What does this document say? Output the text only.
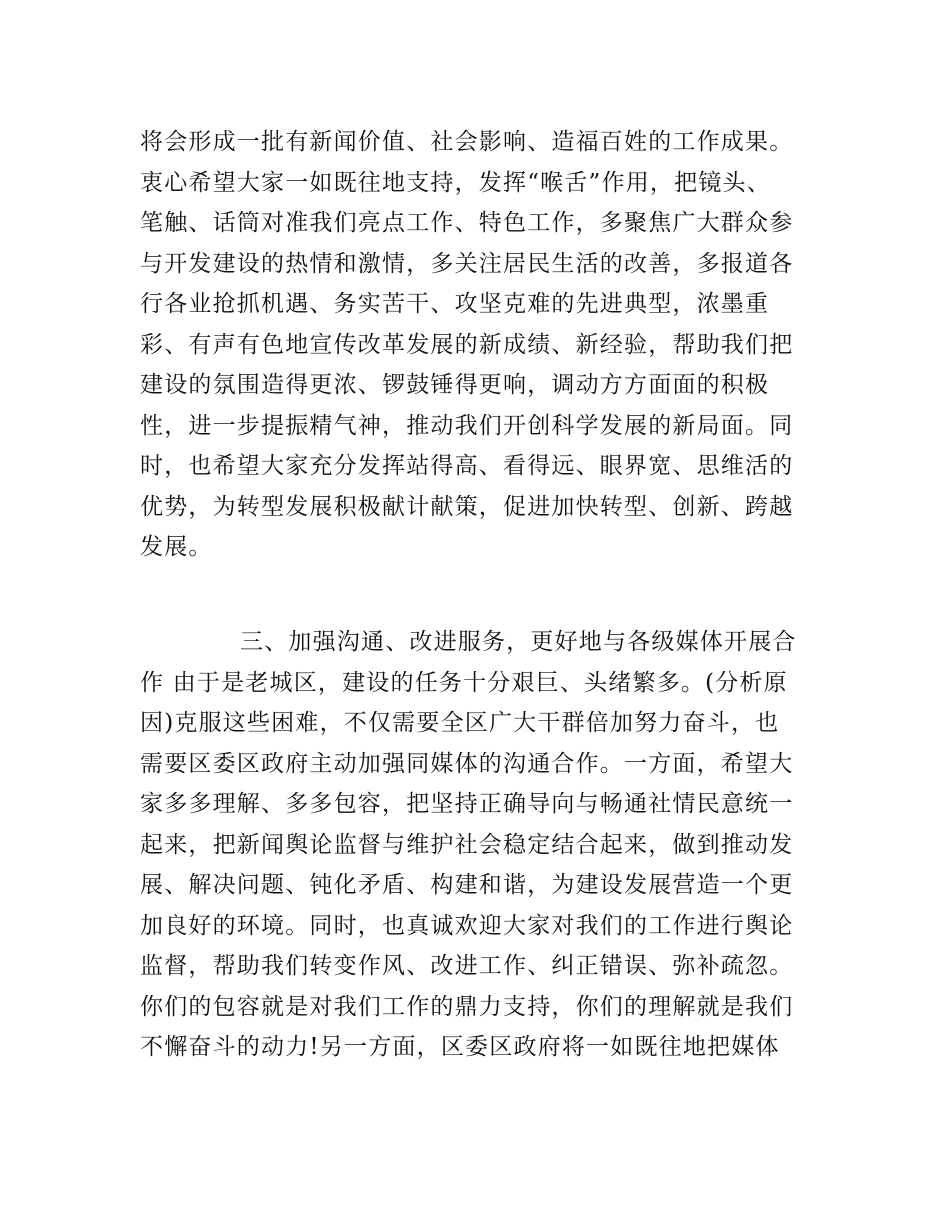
将会形成一批有新闻价值、社会影响、造福百姓的工作成果。
衷心希望大家一如既往地支持，发挥“喉舌”作用，把镜头、
笔触、话筒对准我们亮点工作、特色工作，多聚焦广大群众参
与开发建设的热情和激情，多关注居民生活的改善，多报道各
行各业抢抓机遇、务实苦干、攻坚克难的先进典型，浓墨重
彩、有声有色地宣传改革发展的新成绩、新经验，帮助我们把
建设的氛围造得更浓、锣鼓锤得更响，调动方方面面的积极
性，进一步提振精气神，推动我们开创科学发展的新局面。同
时，也希望大家充分发挥站得高、看得远、眼界宽、思维活的
优势，为转型发展积极献计献策，促进加快转型、创新、跨越
发展。
三、加强沟通、改进服务，更好地与各级媒体开展合
作 由于是老城区，建设的任务十分艰巨、头绪繁多。(分析原
因)克服这些困难，不仅需要全区广大干群倍加努力奋斗，也
需要区委区政府主动加强同媒体的沟通合作。一方面，希望大
家多多理解、多多包容，把坚持正确导向与畅通社情民意统一
起来，把新闻舆论监督与维护社会稳定结合起来，做到推动发
展、解决问题、钝化矛盾、构建和谐，为建设发展营造一个更
加良好的环境。同时，也真诚欢迎大家对我们的工作进行舆论
监督，帮助我们转变作风、改进工作、纠正错误、弥补疏忽。
你们的包容就是对我们工作的鼎力支持，你们的理解就是我们
不懈奋斗的动力!另一方面，区委区政府将一如既往地把媒体
